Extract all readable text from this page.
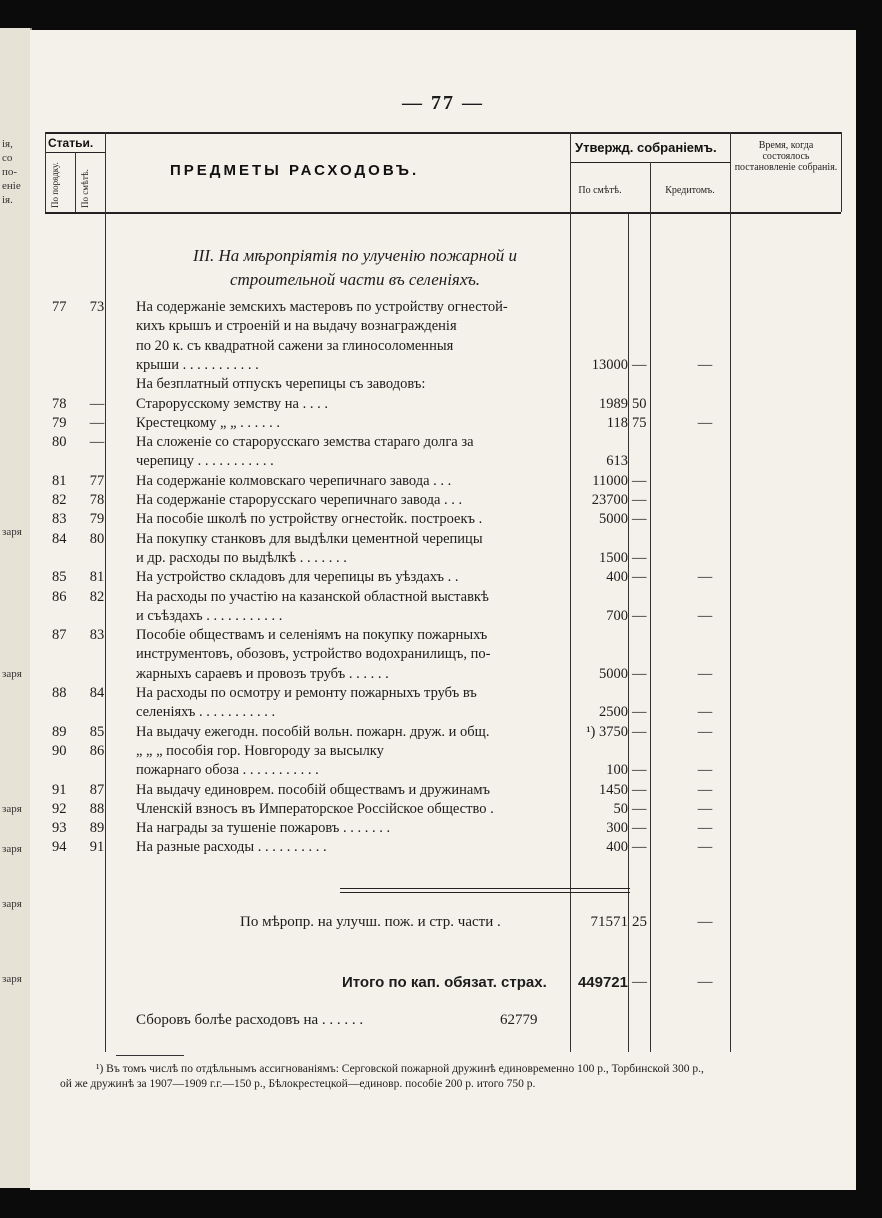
ія,
со
по-
еніе
ія.
заря
заря
заря
заря
заря
заря
— 77 —
Статьи.
По порядку. По смѣтѣ.	ПРЕДМЕТЫ РАСХОДОВЪ.
Утвержд. собраніемъ.
По смѣтѣ.	Кредитомъ.
Время, когда состоялось постановленіе собранія.
III. На мѣропріятія по улученію пожарной и строительной части въ селеніяхъ.
77	73	На содержаніе земскихъ мастеровъ по устройству огнестой-
кихъ крышъ и строеній и на выдачу вознагражденія
по 20 к. съ квадратной сажени за глиносоломенныя
крыши . . . . . . . . . . .	13000 —	—
На безплатный отпускъ черепицы съ заводовъ:
78	—	Старорусскому земству на . . . .	1989 50
79	—	Крестецкому „ „ . . . . . .	118 75	—
80	—	На сложеніе со старорусскаго земства стараго долга за
черепицу . . . . . . . . . . .	613
81	77	На содержаніе колмовскаго черепичнаго завода . . .	11000 —
82	78	На содержаніе старорусскаго черепичнаго завода . . .	23700 —
83	79	На пособіе школѣ по устройству огнестойк. построекъ .	5000 —
84	80	На покупку станковъ для выдѣлки цементной черепицы
и др. расходы по выдѣлкѣ . . . . . . .	1500 —
85	81	На устройство складовъ для черепицы въ уѣздахъ . .	400 —	—
86	82	На расходы по участію на казанской областной выставкѣ
и съѣздахъ . . . . . . . . . . .	700 —	—
87	83	Пособіе обществамъ и селеніямъ на покупку пожарныхъ
инструментовъ, обозовъ, устройство водохранилищъ, по-
жарныхъ сараевъ и провозъ трубъ . . . . . .	5000 —	—
88	84	На расходы по осмотру и ремонту пожарныхъ трубъ въ
селеніяхъ . . . . . . . . . . .	2500 —	—
89	85	На выдачу ежегодн. пособій вольн. пожарн. друж. и общ.	¹) 3750 —	—
90	86	„ „ „ пособія гор. Новгороду за высылку
пожарнаго обоза . . . . . . . . . . .	100 —	—
91	87	На выдачу единоврем. пособій обществамъ и дружинамъ	1450 —	—
92	88	Членскій взносъ въ Императорское Россійское общество .	50 —	—
93	89	На награды за тушеніе пожаровъ . . . . . . .	300 —	—
94	91	На разные расходы . . . . . . . . . .	400 —	—
По мѣропр. на улучш. пож. и стр. части .	71571 25	—
Итого по кап. обязат. страх.	449721 —	—
Сборовъ болѣе расходовъ на . . . . . .	62779
¹) Въ томъ числѣ по отдѣльнымъ ассигнованіямъ: Серговской пожарной дружинѣ единовременно 100 р., Торбинской 300 р.,
ой же дружинѣ за 1907—1909 г.г.—150 р., Бѣлокрестецкой—единовр. пособіе 200 р. итого 750 р.
